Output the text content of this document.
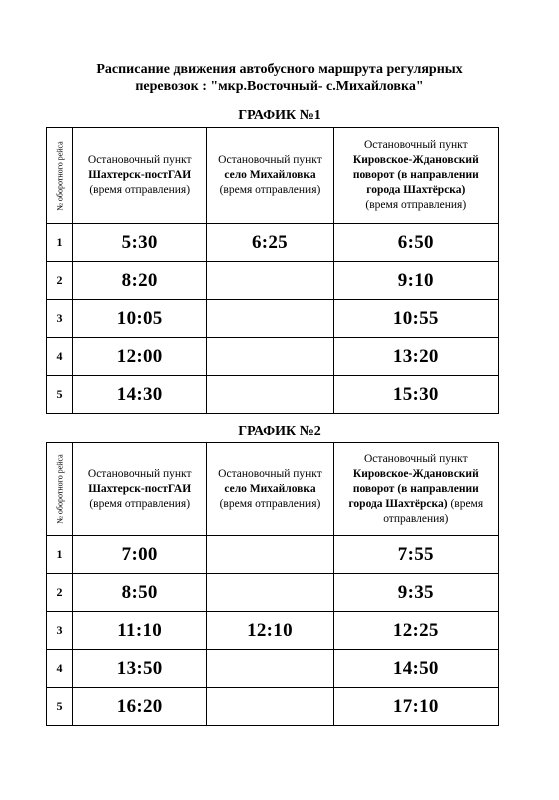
Расписание движения автобусного маршрута регулярных
перевозок : "мкр.Восточный- с.Михайловка"
ГРАФИК №1
№ оборотного рейса	Остановочный пункт
Шахтерск-постГАИ
(время отправления)	Остановочный пункт
село Михайловка
(время отправления)	Остановочный пункт
Кировское-Ждановский
поворот (в направлении
города Шахтёрска)
(время отправления)

1	5:30	6:25	6:50
2	8:20		9:10
3	10:05		10:55
4	12:00		13:20
5	14:30		15:30
ГРАФИК №2
№ оборотного рейса	Остановочный пункт
Шахтерск-постГАИ
(время отправления)	Остановочный пункт
село Михайловка
(время отправления)	Остановочный пункт
Кировское-Ждановский
поворот (в направлении
города Шахтёрска) (время
отправления)

1	7:00		7:55
2	8:50		9:35
3	11:10	12:10	12:25
4	13:50		14:50
5	16:20		17:10
